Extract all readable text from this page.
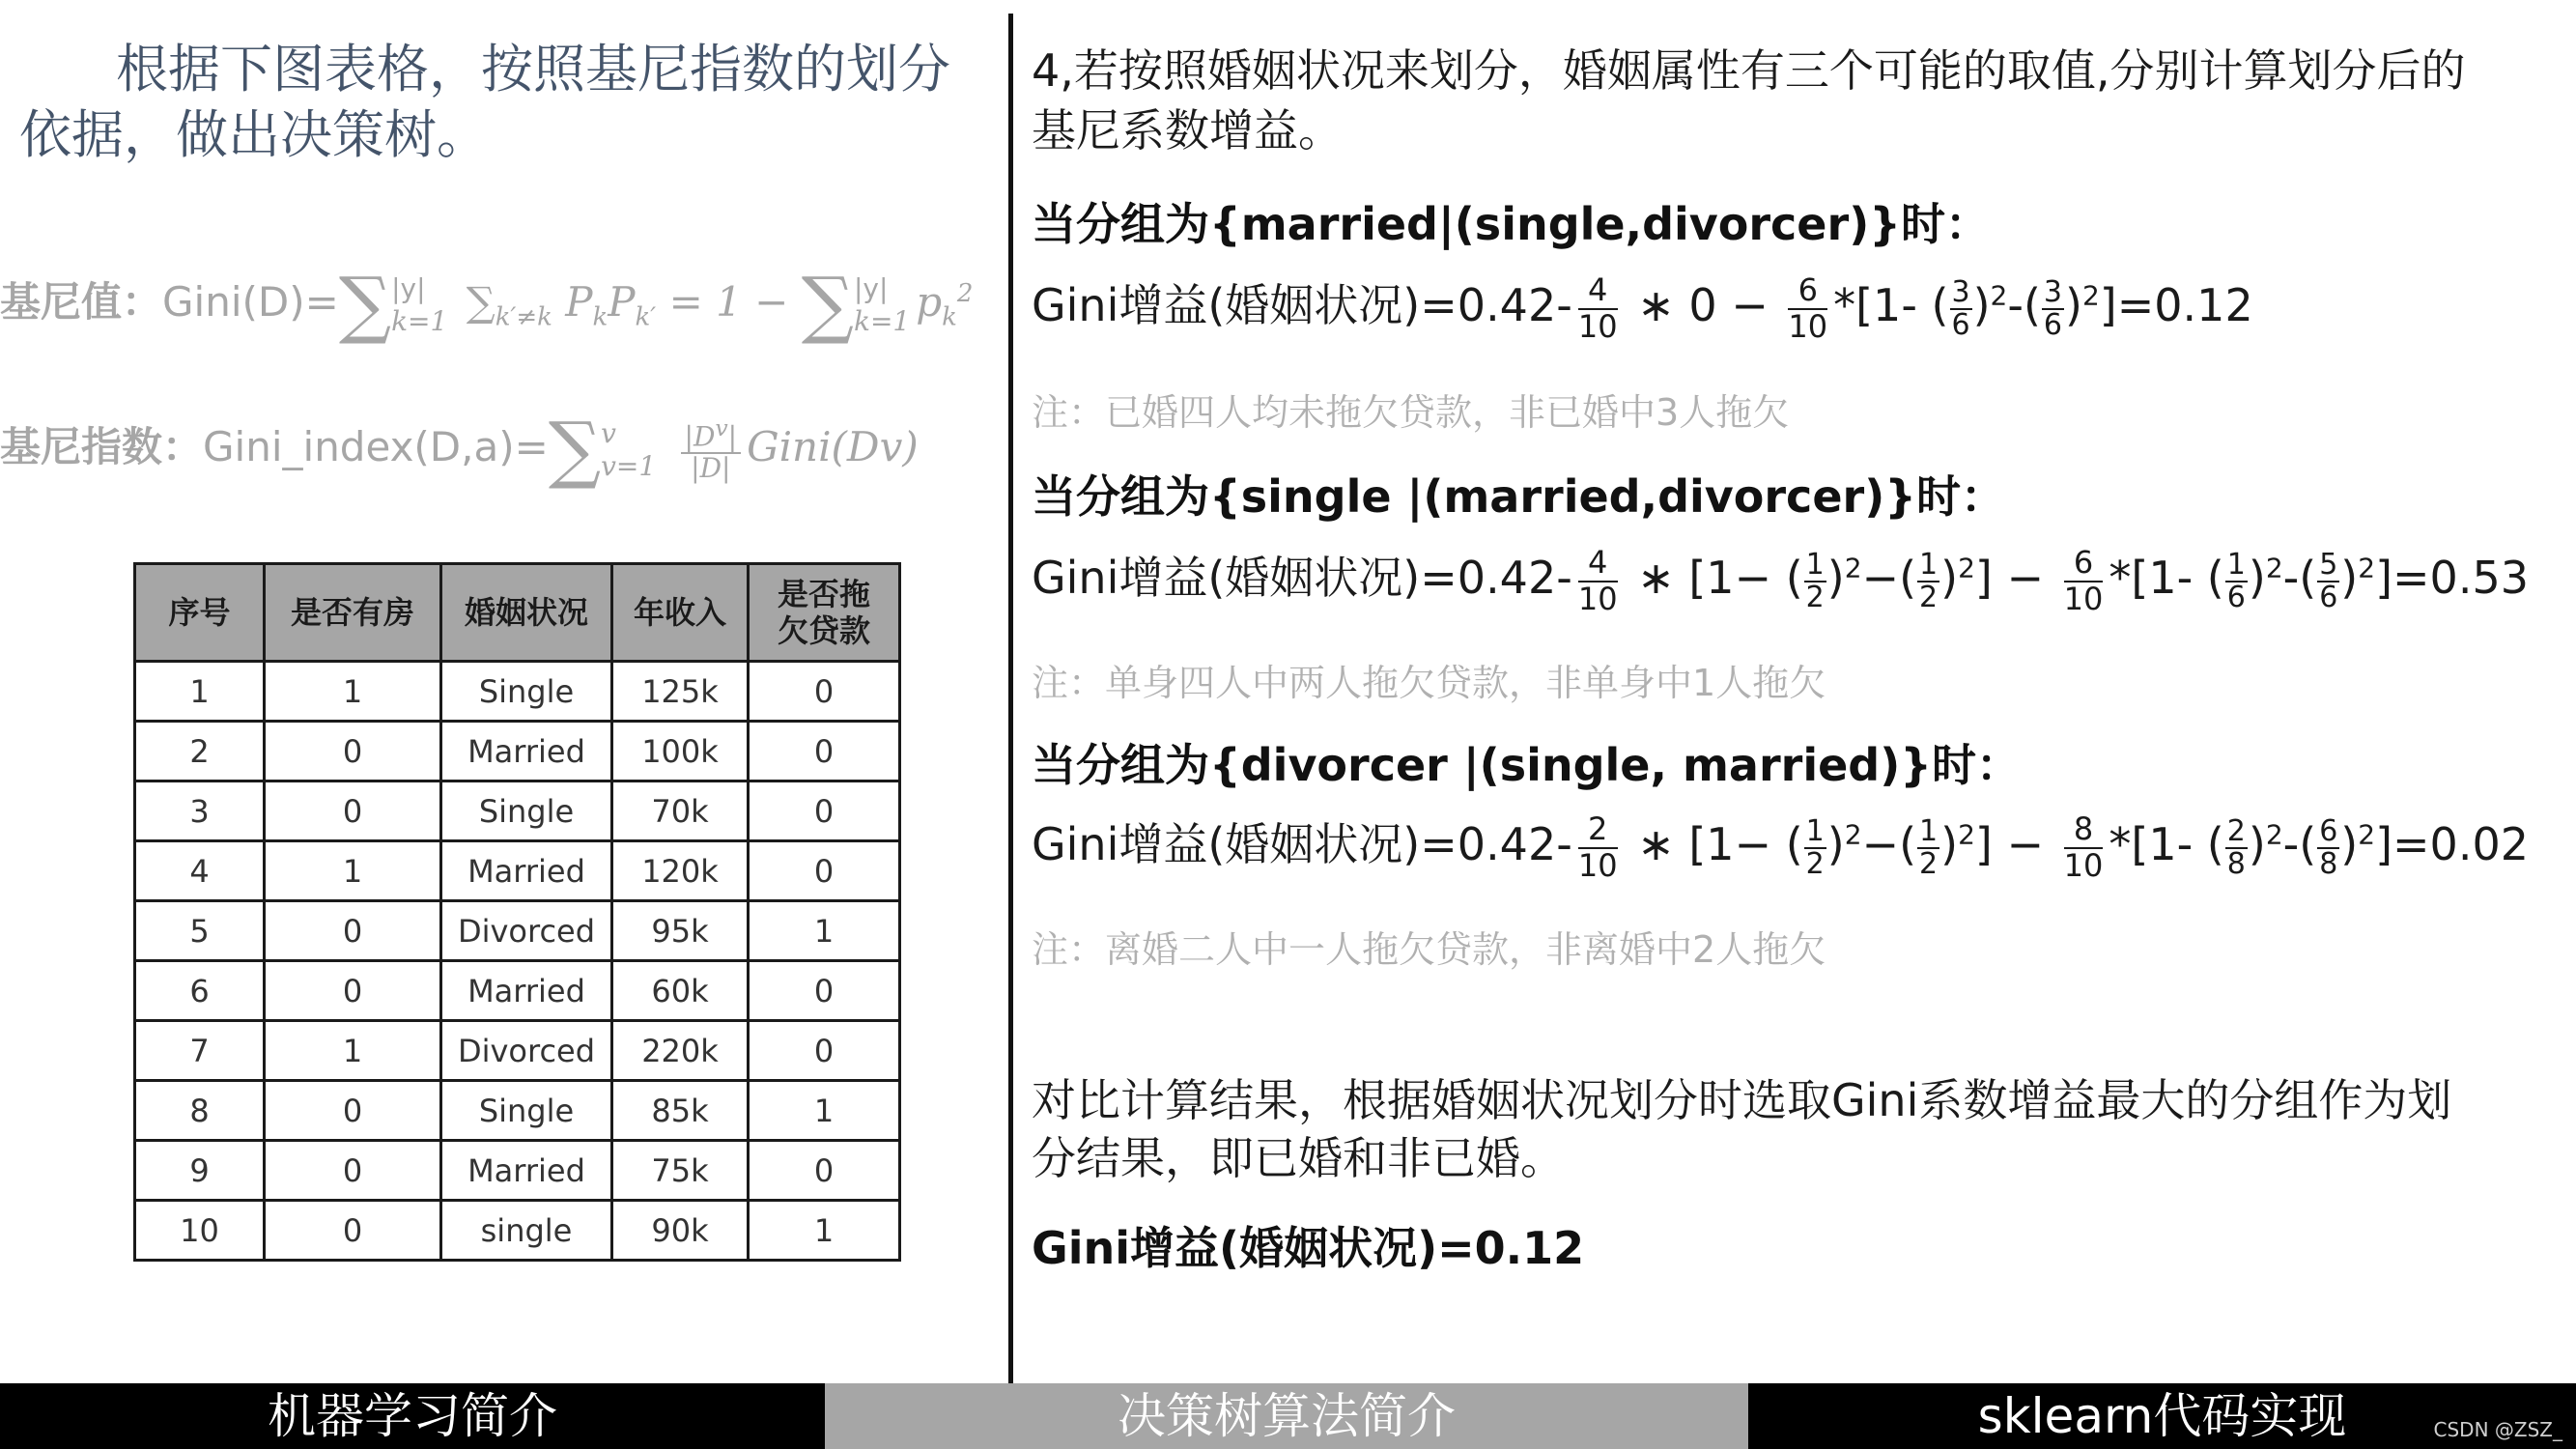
根据下图表格，按照基尼指数的划分
依据，做出决策树。
基尼值：Gini(D)=∑ |y|
k=1 $\sum_{k'\ne k}$ $P_kP_{k'} = 1$ − ∑ |y|
k=1 $p_k^2$
基尼指数：Gini_index(D,a)=∑ v
v=1
$\frac{|D^v|}{|D|}$ Gini(Dv)
序号	是否有房	婚姻状况	年收入	是否拖欠贷款
1	1	Single	125k	0
2	0	Married	100k	0
3	0	Single	70k	0
4	1	Married	120k	0
5	0	Divorced	95k	1
6	0	Married	60k	0
7	1	Divorced	220k	0
8	0	Single	85k	1
9	0	Married	75k	0
10	0	single	90k	1
4,若按照婚姻状况来划分，婚姻属性有三个可能的取值,分别计算划分后的
基尼系数增益。
当分组为{married|(single,divorcer)}时：
Gini增益(婚姻状况)$=0.42- \frac{4}{10}$ ∗ $0 - \frac{6}{10} *[1-$ ( $\frac{3}{6} )^2-( \frac{3}{6} )^2]=0.12$
注：已婚四人均未拖欠贷款，非已婚中3人拖欠
当分组为{single |(married,divorcer)}时：
Gini增益(婚姻状况)$=0.42- \frac{4}{10}$ ∗ [1− ( $\frac{1}{2} )^2-( \frac{1}{2} )^2] - \frac{6}{10} *[1-$ ( $\frac{1}{6} )^2-( \frac{5}{6} )^2]=0.53$
注：单身四人中两人拖欠贷款，非单身中1人拖欠
当分组为{divorcer |(single, married)}时：
Gini增益(婚姻状况)$=0.42- \frac{2}{10}$ ∗ [1− ( $\frac{1}{2} )^2-( \frac{1}{2} )^2] - \frac{8}{10} *[1-$ ( $\frac{2}{8} )^2-( \frac{6}{8} )^2]=0.02$
注：离婚二人中一人拖欠贷款，非离婚中2人拖欠
对比计算结果，根据婚姻状况划分时选取Gini系数增益最大的分组作为划
分结果，即已婚和非已婚。
Gini增益(婚姻状况)=0.12
机器学习简介	决策树算法简介	sklearn代码实现	CSDN @ZSZ_
